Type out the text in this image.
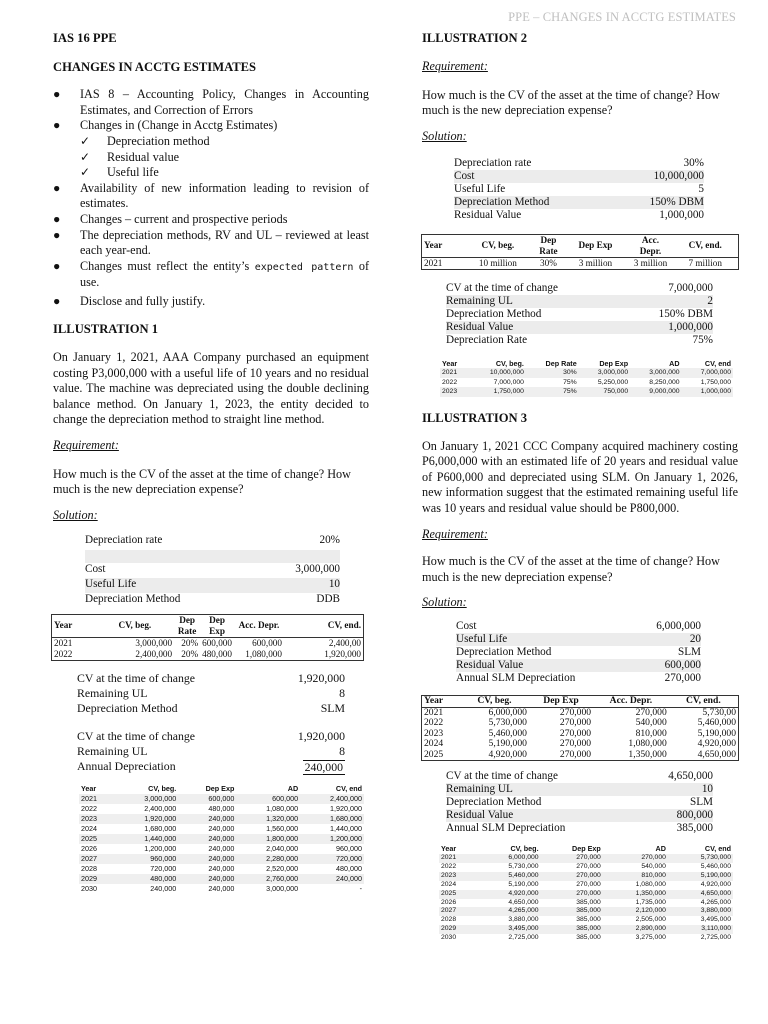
PPE – CHANGES IN ACCTG ESTIMATES
IAS 16 PPE
CHANGES IN ACCTG ESTIMATES
● IAS 8 – Accounting Policy, Changes in Accounting Estimates, and Correction of Errors
● Changes in (Change in Acctg Estimates)
✓ Depreciation method
✓ Residual value
✓ Useful life
● Availability of new information leading to revision of estimates.
● Changes – current and prospective periods
● The depreciation methods, RV and UL – reviewed at least each year-end.
● Changes must reflect the entity’s expected pattern of use.
● Disclose and fully justify.
ILLUSTRATION 1
On January 1, 2021, AAA Company purchased an equipment costing P3,000,000 with a useful life of 10 years and no residual value. The machine was depreciated using the double declining balance method. On January 1, 2023, the entity decided to change the depreciation method to straight line method.
Requirement:
How much is the CV of the asset at the time of change? How much is the new depreciation expense?
Solution:
Depreciation rate	20%
Cost	3,000,000
Useful Life	10
Depreciation Method	DDB
Year	CV, beg.	Dep Rate	Dep Exp	Acc. Depr.	CV, end.
2021	3,000,000	20%	600,000	600,000	2,400,00
2022	2,400,000	20%	480,000	1,080,000	1,920,000
CV at the time of change	1,920,000
Remaining UL	8
Depreciation Method	SLM
CV at the time of change	1,920,000
Remaining UL	8
Annual Depreciation	240,000
Year	CV, beg.	Dep Exp	AD	CV, end
2021	3,000,000	600,000	600,000	2,400,000
2022	2,400,000	480,000	1,080,000	1,920,000
2023	1,920,000	240,000	1,320,000	1,680,000
2024	1,680,000	240,000	1,560,000	1,440,000
2025	1,440,000	240,000	1,800,000	1,200,000
2026	1,200,000	240,000	2,040,000	960,000
2027	960,000	240,000	2,280,000	720,000
2028	720,000	240,000	2,520,000	480,000
2029	480,000	240,000	2,760,000	240,000
2030	240,000	240,000	3,000,000	-
ILLUSTRATION 2
Requirement:
How much is the CV of the asset at the time of change? How much is the new depreciation expense?
Solution:
Depreciation rate	30%
Cost	10,000,000
Useful Life	5
Depreciation Method	150% DBM
Residual Value	1,000,000
Year	CV, beg.	Dep Rate	Dep Exp	Acc. Depr.	CV, end.
2021	10 million	30%	3 million	3 million	7 million
CV at the time of change	7,000,000
Remaining UL	2
Depreciation Method	150% DBM
Residual Value	1,000,000
Depreciation Rate	75%
Year	CV, beg.	Dep Rate	Dep Exp	AD	CV, end
2021	10,000,000	30%	3,000,000	3,000,000	7,000,000
2022	7,000,000	75%	5,250,000	8,250,000	1,750,000
2023	1,750,000	75%	750,000	9,000,000	1,000,000
ILLUSTRATION 3
On January 1, 2021 CCC Company acquired machinery costing P6,000,000 with an estimated life of 20 years and residual value of P600,000 and depreciated using SLM. On January 1, 2026, new information suggest that the estimated remaining useful life was 10 years and residual value should be P800,000.
Requirement:
How much is the CV of the asset at the time of change? How much is the new depreciation expense?
Solution:
Cost	6,000,000
Useful Life	20
Depreciation Method	SLM
Residual Value	600,000
Annual SLM Depreciation	270,000
Year	CV, beg.	Dep Exp	Acc. Depr.	CV, end.
2021	6,000,000	270,000	270,000	5,730,00
2022	5,730,000	270,000	540,000	5,460,000
2023	5,460,000	270,000	810,000	5,190,000
2024	5,190,000	270,000	1,080,000	4,920,000
2025	4,920,000	270,000	1,350,000	4,650,000
CV at the time of change	4,650,000
Remaining UL	10
Depreciation Method	SLM
Residual Value	800,000
Annual SLM Depreciation	385,000
Year	CV, beg.	Dep Exp	AD	CV, end
2021	6,000,000	270,000	270,000	5,730,000
2022	5,730,000	270,000	540,000	5,460,000
2023	5,460,000	270,000	810,000	5,190,000
2024	5,190,000	270,000	1,080,000	4,920,000
2025	4,920,000	270,000	1,350,000	4,650,000
2026	4,650,000	385,000	1,735,000	4,265,000
2027	4,265,000	385,000	2,120,000	3,880,000
2028	3,880,000	385,000	2,505,000	3,495,000
2029	3,495,000	385,000	2,890,000	3,110,000
2030	2,725,000	385,000	3,275,000	2,725,000
